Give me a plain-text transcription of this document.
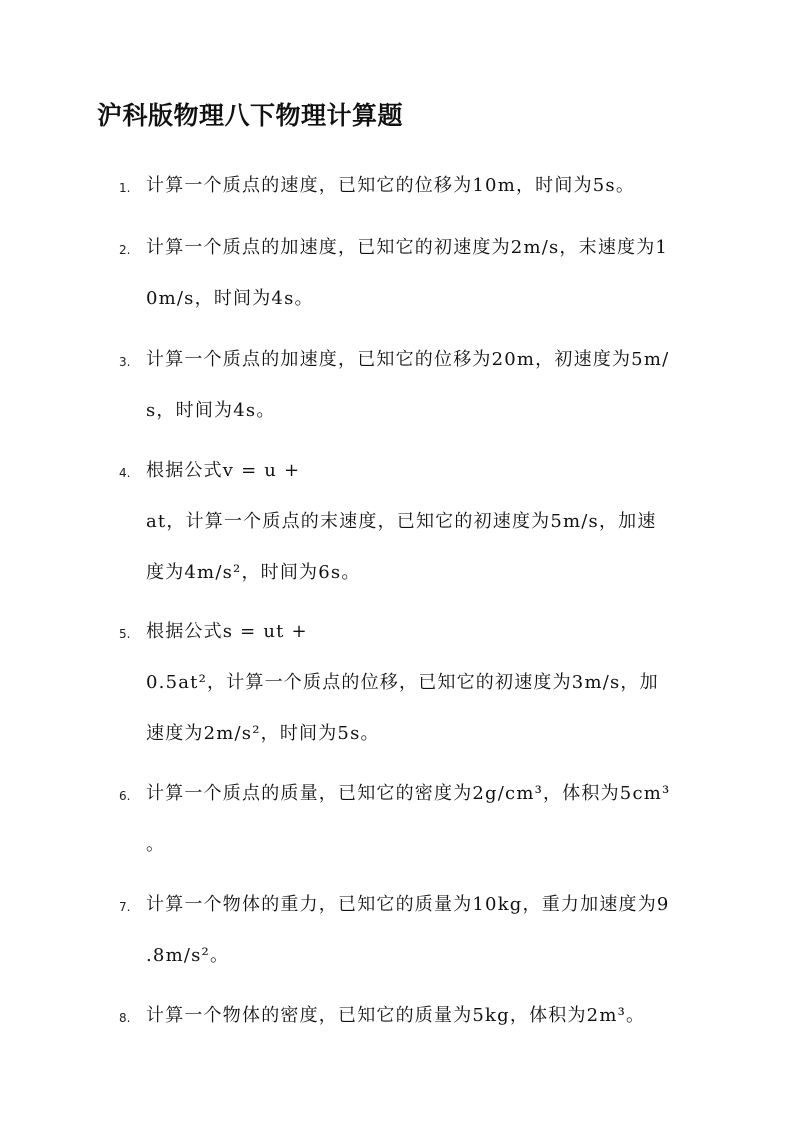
沪科版物理八下物理计算题
1. 计算一个质点的速度，已知它的位移为10m，时间为5s。
2. 计算一个质点的加速度，已知它的初速度为2m/s，末速度为1
0m/s，时间为4s。
3. 计算一个质点的加速度，已知它的位移为20m，初速度为5m/
s，时间为4s。
4. 根据公式v = u +
at，计算一个质点的末速度，已知它的初速度为5m/s，加速
度为4m/s²，时间为6s。
5. 根据公式s = ut +
0.5at²，计算一个质点的位移，已知它的初速度为3m/s，加
速度为2m/s²，时间为5s。
6. 计算一个质点的质量，已知它的密度为2g/cm³，体积为5cm³
。
7. 计算一个物体的重力，已知它的质量为10kg，重力加速度为9
.8m/s²。
8. 计算一个物体的密度，已知它的质量为5kg，体积为2m³。
